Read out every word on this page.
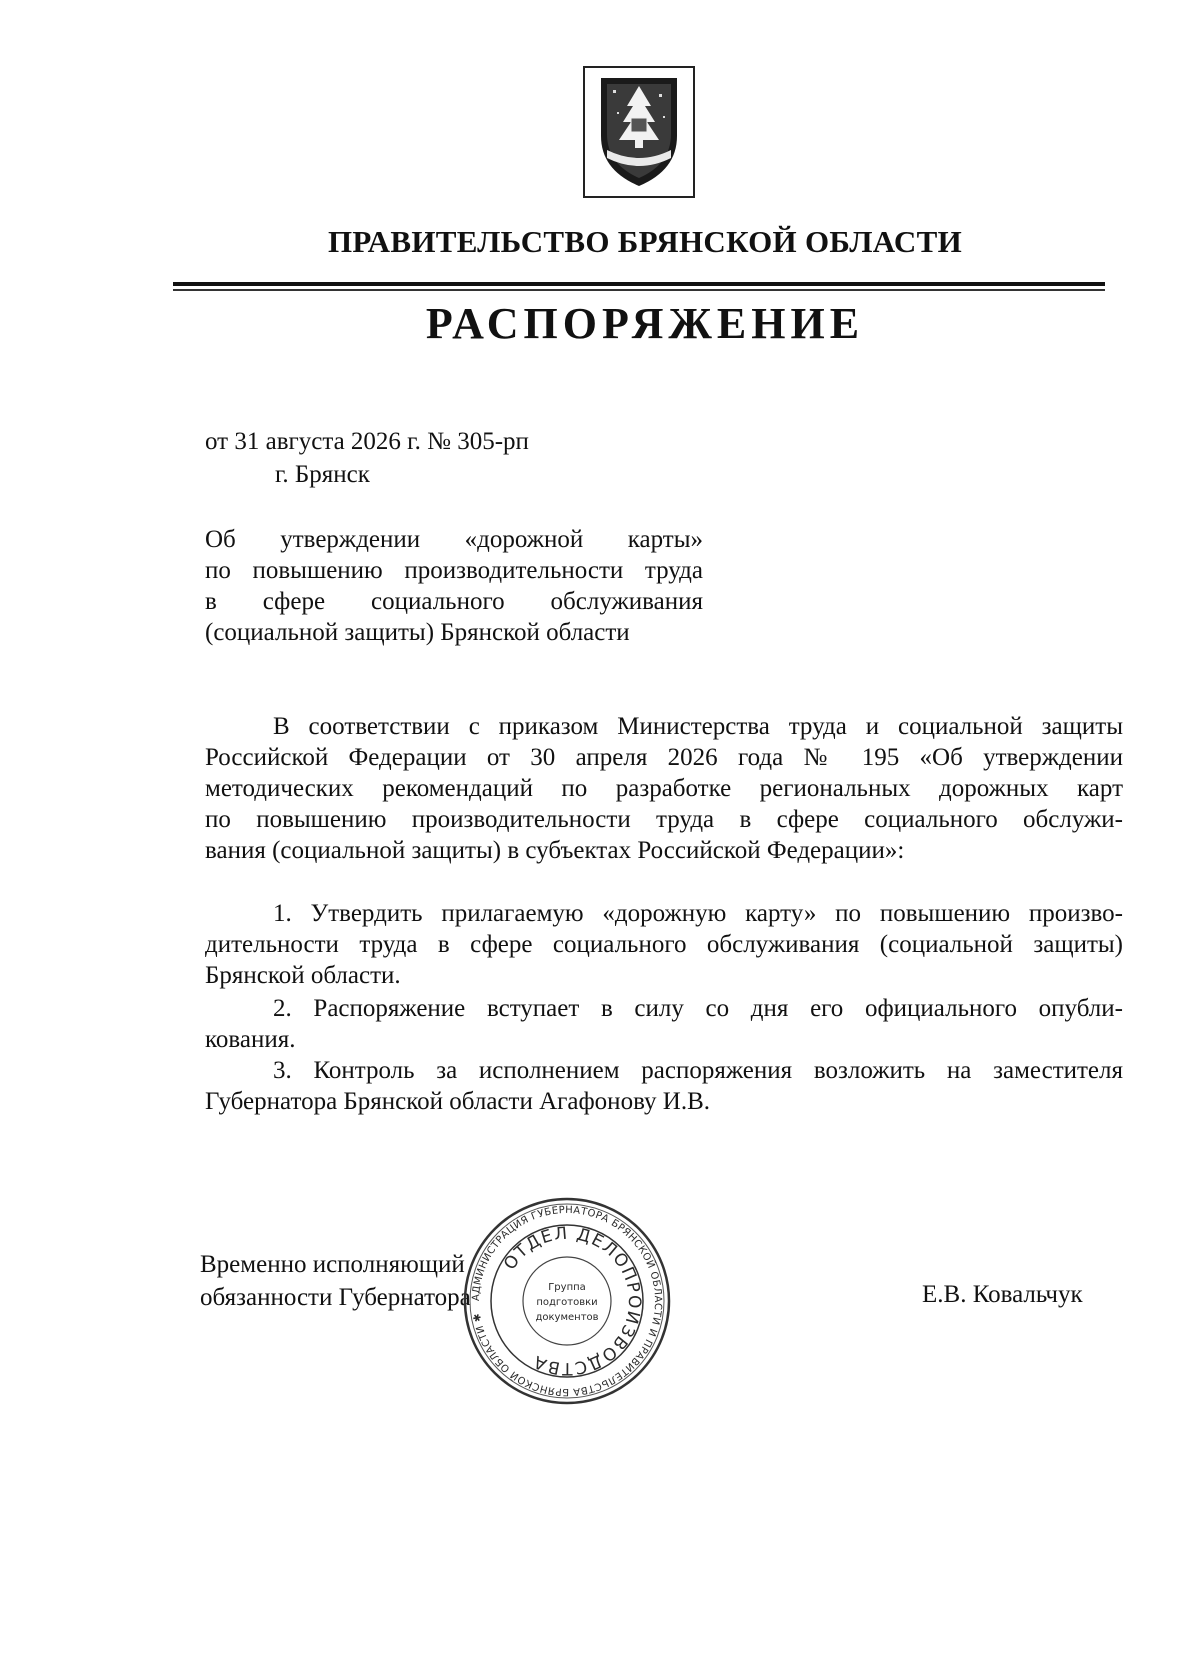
ПРАВИТЕЛЬСТВО БРЯНСКОЙ ОБЛАСТИ
РАСПОРЯЖЕНИЕ
от 31 августа 2026 г. № 305-рп
г. Брянск
Об утверждении «дорожной карты»
по повышению производительности труда
в сфере социального обслуживания
(социальной защиты) Брянской области
В соответствии с приказом Министерства труда и социальной защиты
Российской Федерации от 30 апреля 2026 года № 195 «Об утверждении
методических рекомендаций по разработке региональных дорожных карт
по повышению производительности труда в сфере социального обслужи-
вания (социальной защиты) в субъектах Российской Федерации»:
1. Утвердить прилагаемую «дорожную карту» по повышению произво-
дительности труда в сфере социального обслуживания (социальной защиты)
Брянской области.
2. Распоряжение вступает в силу со дня его официального опубли-
кования.
3. Контроль за исполнением распоряжения возложить на заместителя
Губернатора Брянской области Агафонову И.В.
Временно исполняющий
обязанности Губернатора	Е.В. Ковальчук
АДМИНИСТРАЦИЯ ГУБЕРНАТОРА БРЯНСКОЙ ОБЛАСТИ И ПРАВИТЕЛЬСТВА БРЯНСКОЙ ОБЛАСТИ ✱
ОТДЕЛ ДЕЛОПРОИЗВОДСТВА
Группа
подготовки
документов
